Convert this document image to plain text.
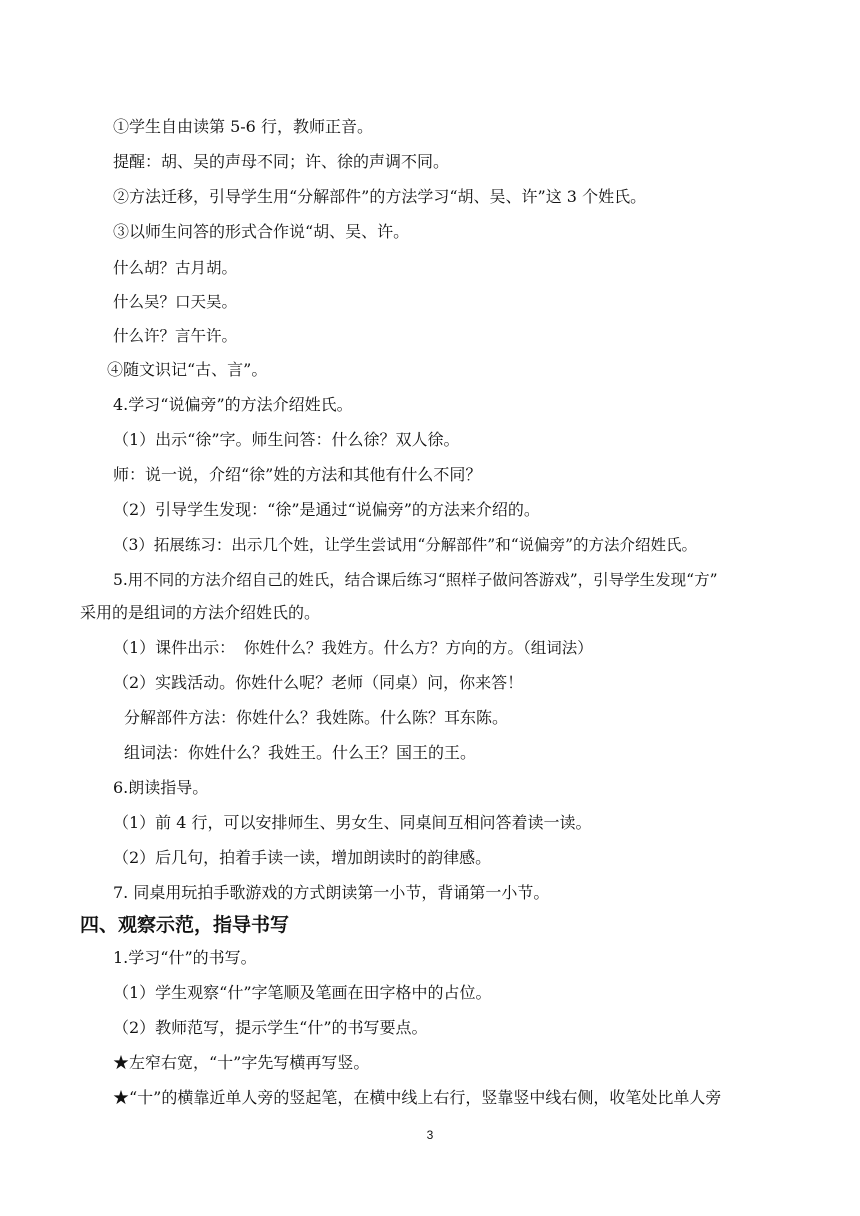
①学生自由读第 5-6 行，教师正音。
提醒：胡、吴的声母不同；许、徐的声调不同。
②方法迁移，引导学生用“分解部件”的方法学习“胡、吴、许”这 3 个姓氏。
③以师生问答的形式合作说“胡、吴、许。
什么胡？古月胡。
什么吴？口天吴。
什么许？言午许。
④随文识记“古、言”。
4.学习“说偏旁”的方法介绍姓氏。
（1）出示“徐”字。师生问答：什么徐？双人徐。
师：说一说，介绍“徐”姓的方法和其他有什么不同？
（2）引导学生发现：“徐”是通过“说偏旁”的方法来介绍的。
（3）拓展练习：出示几个姓，让学生尝试用“分解部件”和“说偏旁”的方法介绍姓氏。
5.用不同的方法介绍自己的姓氏，结合课后练习“照样子做问答游戏”，引导学生发现“方”
采用的是组词的方法介绍姓氏的。
（1）课件出示： 你姓什么？我姓方。什么方？方向的方。（组词法）
（2）实践活动。你姓什么呢？老师（同桌）问，你来答！
分解部件方法：你姓什么？我姓陈。什么陈？耳东陈。
组词法：你姓什么？我姓王。什么王？国王的王。
6.朗读指导。
（1）前 4 行，可以安排师生、男女生、同桌间互相问答着读一读。
（2）后几句，拍着手读一读，增加朗读时的韵律感。
7. 同桌用玩拍手歌游戏的方式朗读第一小节，背诵第一小节。
四、观察示范，指导书写
1.学习“什”的书写。
（1）学生观察“什”字笔顺及笔画在田字格中的占位。
（2）教师范写，提示学生“什”的书写要点。
★左窄右宽，“十”字先写横再写竖。
★“十”的横靠近单人旁的竖起笔，在横中线上右行，竖靠竖中线右侧，收笔处比单人旁
3
